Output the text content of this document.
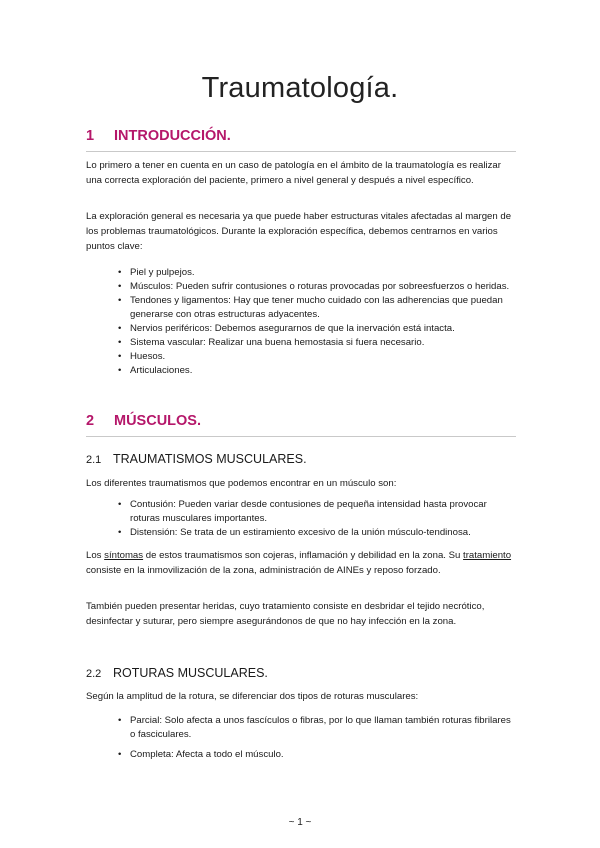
Traumatología.
1 INTRODUCCIÓN.

Lo primero a tener en cuenta en un caso de patología en el ámbito de la traumatología es realizar una correcta exploración del paciente, primero a nivel general y después a nivel específico.

La exploración general es necesaria ya que puede haber estructuras vitales afectadas al margen de los problemas traumatológicos. Durante la exploración específica, debemos centrarnos en varios puntos clave:

• Piel y pulpejos.
• Músculos: Pueden sufrir contusiones o roturas provocadas por sobreesfuerzos o heridas.
• Tendones y ligamentos: Hay que tener mucho cuidado con las adherencias que puedan generarse con otras estructuras adyacentes.
• Nervios periféricos: Debemos asegurarnos de que la inervación está intacta.
• Sistema vascular: Realizar una buena hemostasia si fuera necesario.
• Huesos.
• Articulaciones.
2 MÚSCULOS.
2.1 TRAUMATISMOS MUSCULARES.

Los diferentes traumatismos que podemos encontrar en un músculo son:

• Contusión: Pueden variar desde contusiones de pequeña intensidad hasta provocar roturas musculares importantes.
• Distensión: Se trata de un estiramiento excesivo de la unión músculo-tendinosa.

Los síntomas de estos traumatismos son cojeras, inflamación y debilidad en la zona. Su tratamiento consiste en la inmovilización de la zona, administración de AINEs y reposo forzado.

También pueden presentar heridas, cuyo tratamiento consiste en desbridar el tejido necrótico, desinfectar y suturar, pero siempre asegurándonos de que no hay infección en la zona.

2.2 ROTURAS MUSCULARES.

Según la amplitud de la rotura, se diferenciar dos tipos de roturas musculares:

• Parcial: Solo afecta a unos fascículos o fibras, por lo que llaman también roturas fibrilares o fasciculares.
• Completa: Afecta a todo el músculo.
~ 1 ~
